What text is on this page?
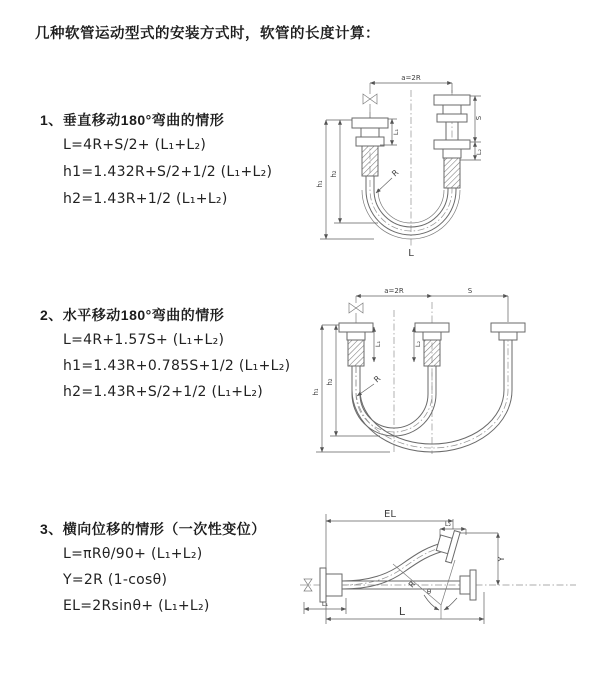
几种软管运动型式的安装方式时，软管的长度计算：
1、垂直移动180°弯曲的情形
L=4R+S/2+ (L₁+L₂)
h1=1.432R+S/2+1/2 (L₁+L₂)
h2=1.43R+1/2 (L₁+L₂)
a=2R
h₁
h₂
L₁
S
L₂
R
L
2、水平移动180°弯曲的情形
L=4R+1.57S+ (L₁+L₂)
h1=1.43R+0.785S+1/2 (L₁+L₂)
h2=1.43R+S/2+1/2 (L₁+L₂)
a=2R	S
h₁
h₂
L₁	L₂
R
3、横向位移的情形（一次性变位）
L=πRθ/90+ (L₁+L₂)
Y=2R (1-cosθ)
EL=2Rsinθ+ (L₁+L₂)
EL
L₂
L
L₁
Y
R
θ
